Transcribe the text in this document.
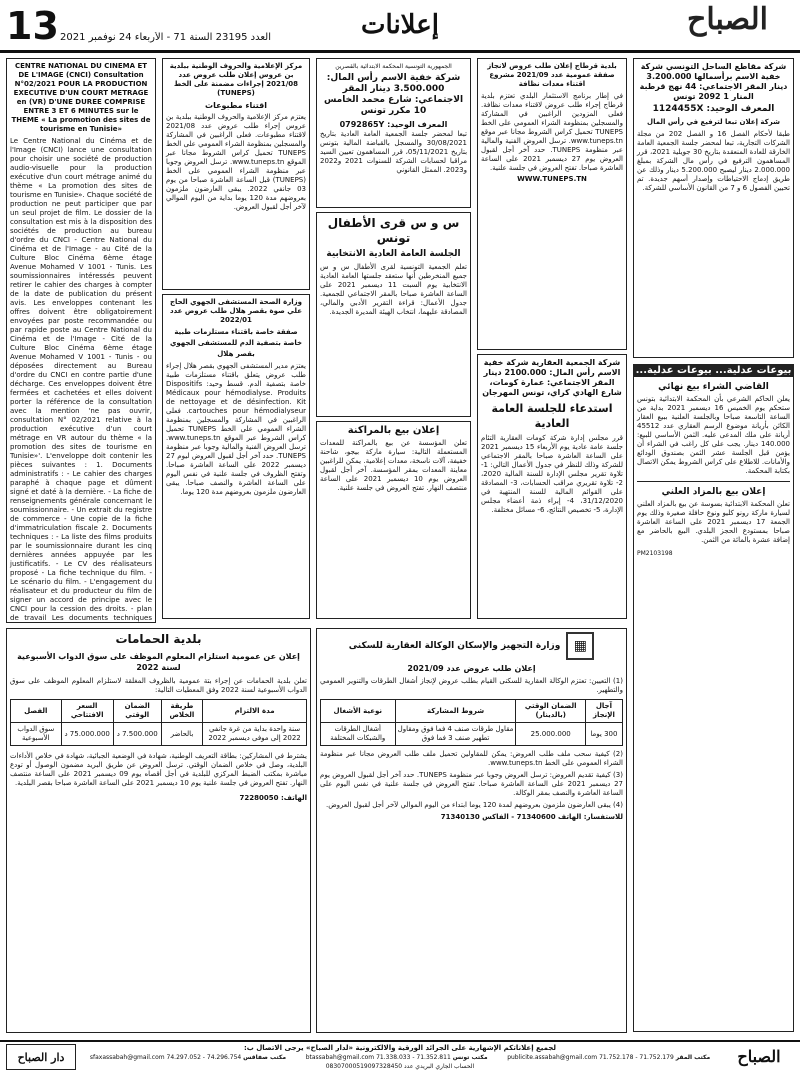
13 العدد 23195 السنة 71 - الأربعاء 24 نوفمبر 2021	إعلانات	الصباح
CENTRE NATIONAL DU CINEMA ET DE L'IMAGE (CNCI) Consultation N°02/2021 POUR LA PRODUCTION EXECUTIVE D'UN COURT METRAGE en (VR) D'UNE DUREE COMPRISE ENTRE 3 ET 6 MINUTES sur le THEME « La promotion des sites de tourisme en Tunisie»
Le Centre National du Cinéma et de l'Image (CNCI) lance une consultation pour choisir une société de production audio-visuelle pour la production exécutive d'un court métrage animé du thème « La promotion des sites de tourisme en Tunisie». Chaque société de production ne peut participer que par un seul projet de film. Le dossier de la consultation est mis à la disposition des sociétés de production au bureau d'ordre du CNCI - Centre National du Cinéma et de l'Image - au Cité de la Culture Bloc Cinéma 6ème étage Avenue Mohamed V 1001 - Tunis. Les soumissionnaires intéressés peuvent retirer le cahier des charges à compter de la date de publication du présent avis. Les enveloppes contenant les offres doivent être obligatoirement envoyées par poste recommandée ou par rapide poste au Centre National du Cinéma et de l'Image - Cité de la Culture Bloc Cinéma 6ème étage Avenue Mohamed V 1001 - Tunis - ou déposées directement au Bureau d'ordre du CNCI en contre partie d'une décharge. Ces enveloppes doivent être fermées et cachetées et elles doivent porter la référence de la consultation avec la mention 'ne pas ouvrir, consultation N° 02/2021 relative à la production exécutive d'un court métrage en VR autour du thème « la promotion des sites de tourisme en Tunisie»'. L'enveloppe doit contenir les pièces suivantes : 1. Documents administratifs : - Le cahier des charges paraphé à chaque page et dûment signé et daté à la dernière. - La fiche de renseignements générale concernant le soumissionnaire. - Un extrait du registre de commerce - Une copie de la fiche d'immatriculation fiscale 2. Documents techniques : - La liste des films produits par le soumissionnaire durant les cinq dernières années appuyée par les justificatifs. - Le CV des réalisateurs proposé - La fiche technique du film. - Le scénario du film. - L'engagement du réalisateur et du producteur du film de signer un accord de principe avec le CNCI pour la cession des droits. - plan de travail Les documents techniques
مركز الإعلامية والحروف الوطنية ببلدية بن عروس إعلان طلب عروض عدد 2021/08 إجراءات مضمنة على الخط (TUNEPS)
اقتناء مطبوعات
يعتزم مركز الإعلامية والحروف الوطنية ببلدية بن عروس إجراء طلب عروض عدد 2021/08 لاقتناء مطبوعات. فعلى الراغبين في المشاركة والمسجلين بمنظومة الشراء العمومي على الخط TUNEPS تحميل كراس الشروط مجانا عبر الموقع www.tuneps.tn. ترسل العروض وجوبا عبر منظومة الشراء العمومي على الخط (TUNEPS) قبل الساعة العاشرة صباحا من يوم 03 جانفي 2022. يبقى العارضون ملزمون بعروضهم مدة 120 يوما بداية من اليوم الموالي لآخر أجل لقبول العروض.
وزارة الصحة المستشفى الجهوي الحاج علي صوة بقصر هلال طلب عروض عدد 2022/01
صفقة خاصة باقتناء مستلزمات طبية خاصة بتصفية الدم للمستشفى الجهوي بقصر هلال
يعتزم مدير المستشفى الجهوي بقصر هلال إجراء طلب عروض يتعلق باقتناء مستلزمات طبية خاصة بتصفية الدم. قسط وحيد: Dispositifs Médicaux pour hémodialyse. Produits de nettoyage et de désinfection. Kit cartouches pour hémodialyseur. فعلى الراغبين في المشاركة والمسجلين بمنظومة الشراء العمومي على الخط TUNEPS تحميل كراس الشروط عبر الموقع www.tuneps.tn. ترسل العروض الفنية والمالية وجوبا عبر منظومة TUNEPS. حدد آخر أجل لقبول العروض ليوم 27 ديسمبر 2022 على الساعة العاشرة صباحا. وتفتح الظروف في جلسة علنية في نفس اليوم على الساعة العاشرة والنصف صباحا. يبقى العارضون ملزمون بعروضهم مدة 120 يوما.
الجمهورية التونسية المحكمة الابتدائية بالقصرين
شركة خفية الاسم رأس المال: 3.500.000 دينار المقر الاجتماعي: شارع محمد الخامس 10 مكرر تونس
المعرف الوحيد: 0792865Y
تبعا لمحضر جلسة الجمعية العامة العادية بتاريخ 30/08/2021 والمسجل بالقباضة المالية بتونس بتاريخ 05/11/2021، قرر المساهمون تعيين السيد مراقبا لحسابات الشركة للسنوات 2021 و2022 و2023. الممثل القانوني
س و س قرى الأطفال تونس
الجلسة العامة العادية الانتخابية
تعلم الجمعية التونسية لقرى الأطفال س و س جميع المنخرطين أنها ستعقد جلستها العامة العادية الانتخابية يوم السبت 11 ديسمبر 2021 على الساعة العاشرة صباحا بالمقر الاجتماعي للجمعية. جدول الأعمال: قراءة التقرير الأدبي والمالي، المصادقة عليهما، انتخاب الهيئة المديرة الجديدة.
إعلان بيع بالمراكنة
تعلن المؤسسة عن بيع بالمراكنة للمعدات المستعملة التالية: سيارة ماركة بيجو، شاحنة خفيفة، آلات ناسخة، معدات إعلامية. يمكن للراغبين معاينة المعدات بمقر المؤسسة. آخر أجل لقبول العروض يوم 10 ديسمبر 2021 على الساعة منتصف النهار. تفتح العروض في جلسة علنية.
بلدية قرطاج إعلان طلب عروض لانجاز صفقة عمومية عدد 2021/09 مشروع اقتناء معدات نظافة
في إطار برنامج الاستثمار البلدي تعتزم بلدية قرطاج إجراء طلب عروض لاقتناء معدات نظافة. فعلى المزودين الراغبين في المشاركة والمسجلين بمنظومة الشراء العمومي على الخط TUNEPS تحميل كراس الشروط مجانا عبر موقع www.tuneps.tn. ترسل العروض الفنية والمالية عبر منظومة TUNEPS. حدد آخر أجل لقبول العروض يوم 27 ديسمبر 2021 على الساعة العاشرة صباحا. تفتح العروض في جلسة علنية.
WWW.TUNEPS.TN
شركة الجمعية العقارية شركة خفية الاسم رأس المال: 2100.000 دينار المقر الاجتماعي: عمارة كومات، شارع الهادي كراي، تونس المهرجان
استدعاء للجلسة العامة العادية
قرر مجلس إدارة شركة كومات العقارية التئام جلسة عامة عادية يوم الأربعاء 15 ديسمبر 2021 على الساعة العاشرة صباحا بالمقر الاجتماعي للشركة وذلك للنظر في جدول الأعمال التالي: 1- تلاوة تقرير مجلس الإدارة للسنة المالية 2020، 2- تلاوة تقريري مراقب الحسابات، 3- المصادقة على القوائم المالية للسنة المنتهية في 31/12/2020، 4- إبراء ذمة أعضاء مجلس الإدارة، 5- تخصيص النتائج، 6- مسائل مختلفة.
شركة مقاطع الساحل التونسي شركة خفية الاسم برأسمالها 3.200.000 دينار المقر الاجتماعي: 44 نهج قرطبة المنار 1 2092 تونس
المعرف الوحيد: 1124455X
شركة إعلان تبعا لترفيع في رأس المال
طبقا لأحكام الفصل 16 و الفصل 202 من مجلة الشركات التجارية، تبعا لمحضر جلسة الجمعية العامة الخارقة للعادة المنعقدة بتاريخ 30 جويلية 2021، قرر المساهمون الترفيع في رأس مال الشركة بمبلغ 2.000.000 دينار ليصبح 5.200.000 دينار وذلك عن طريق إدماج الاحتياطات وإصدار أسهم جديدة. تم تحيين الفصول 6 و 7 من القانون الأساسي للشركة.
بيوعات عدلية... بيوعات عدلية...
القاضي الشراء بيع نهائي
يعلن الحاكم الشرعي بأن المحكمة الابتدائية بتونس ستحكم يوم الخميس 16 ديسمبر 2021 بداية من الساعة التاسعة صباحا وبالجلسة العلنية ببيع العقار الكائن بأريانة موضوع الرسم العقاري عدد 45512 أريانة على ملك المدعى عليه. الثمن الأساسي للبيع: 140.000 دينار. يجب على كل راغب في الشراء أن يؤمن قبل الجلسة عشر الثمن بصندوق الودائع والأمانات. للاطلاع على كراس الشروط يمكن الاتصال بكتابة المحكمة.
إعلان بيع بالمزاد العلني
تعلن المحكمة الابتدائية بسوسة عن بيع بالمزاد العلني لسيارة ماركة رونو كليو ونوع حافلة صغيرة وذلك يوم الجمعة 17 ديسمبر 2021 على الساعة العاشرة صباحا بمستودع الحجز البلدي. البيع بالحاضر مع إضافة عشرة بالمائة من الثمن.
PM2103198
بلدية الحمامات
إعلان عن عمومية استلزام المعلوم الموظف على سوق الدواب الأسبوعية لسنة 2022
تعلن بلدية الحمامات عن إجراء بتة عمومية بالظروف المغلقة لاستلزام المعلوم الموظف على سوق الدواب الأسبوعية لسنة 2022 وفق المعطيات التالية:
مدة الالتزام	طريقة الخلاص	الضمان الوقتي	السعر الافتتاحي	الفصل
سنة واحدة بداية من غرة جانفي 2022 إلى موفى ديسمبر 2022	بالحاضر	7.500.000 د	75.000.000 د	سوق الدواب الأسبوعية
يشترط في المشاركين: بطاقة التعريف الوطنية، شهادة في الوضعية الجبائية، شهادة في خلاص الأداءات البلدية، وصل في خلاص الضمان الوقتي. ترسل العروض عن طريق البريد مضمون الوصول أو تودع مباشرة بمكتب الضبط المركزي للبلدية في أجل أقصاه يوم 09 ديسمبر 2021 على الساعة منتصف النهار. تفتح العروض في جلسة علنية يوم 10 ديسمبر 2021 على الساعة العاشرة صباحا بقصر البلدية.
الهاتف: 72280050
▦
وزارة التجهيز والإسكان الوكالة العقارية للسكنى
إعلان طلب عروض عدد 2021/09
(1) التعيين: تعتزم الوكالة العقارية للسكنى القيام بطلب عروض لإنجاز أشغال الطرقات والتنوير العمومي والتطهير.
آجال الإنجاز	الضمان الوقتي (بالدينار)	شروط المشاركة	نوعية الأشغال
300 يوما	25.000.000	مقاول طرقات صنف 4 فما فوق ومقاول تطهير صنف 3 فما فوق	أشغال الطرقات والشبكات المختلفة
(2) كيفية سحب ملف طلب العروض: يمكن للمقاولين تحميل ملف طلب العروض مجانا عبر منظومة الشراء العمومي على الخط www.tuneps.tn.
(3) كيفية تقديم العروض: ترسل العروض وجوبا عبر منظومة TUNEPS. حدد آخر أجل لقبول العروض يوم 27 ديسمبر 2021 على الساعة العاشرة صباحا. تفتح العروض في جلسة علنية في نفس اليوم على الساعة العاشرة والنصف بمقر الوكالة.
(4) يبقى العارضون ملزمون بعروضهم لمدة 120 يوما ابتداء من اليوم الموالي لآخر أجل لقبول العروض.
للاستفسار: الهاتف 71340600 - الفاكس 71340130
دار الصباح
لجميع إعلاناتكم الإشهارية على الجرائد الورقية والالكترونية «لدار الصباح» يرجى الاتصال ب:
مكتب المقر 71.752.179 - 71.752.178 publicite.assabah@gmail.com
مكتب تونس 71.352.811 - 71.338.033 btassabah@gmail.com
مكتب صفاقس 74.296.754 - 74.297.052 sfaxassabah@gmail.com
الحساب الجاري البريدي عدد 08307000519097328450
الصباح
